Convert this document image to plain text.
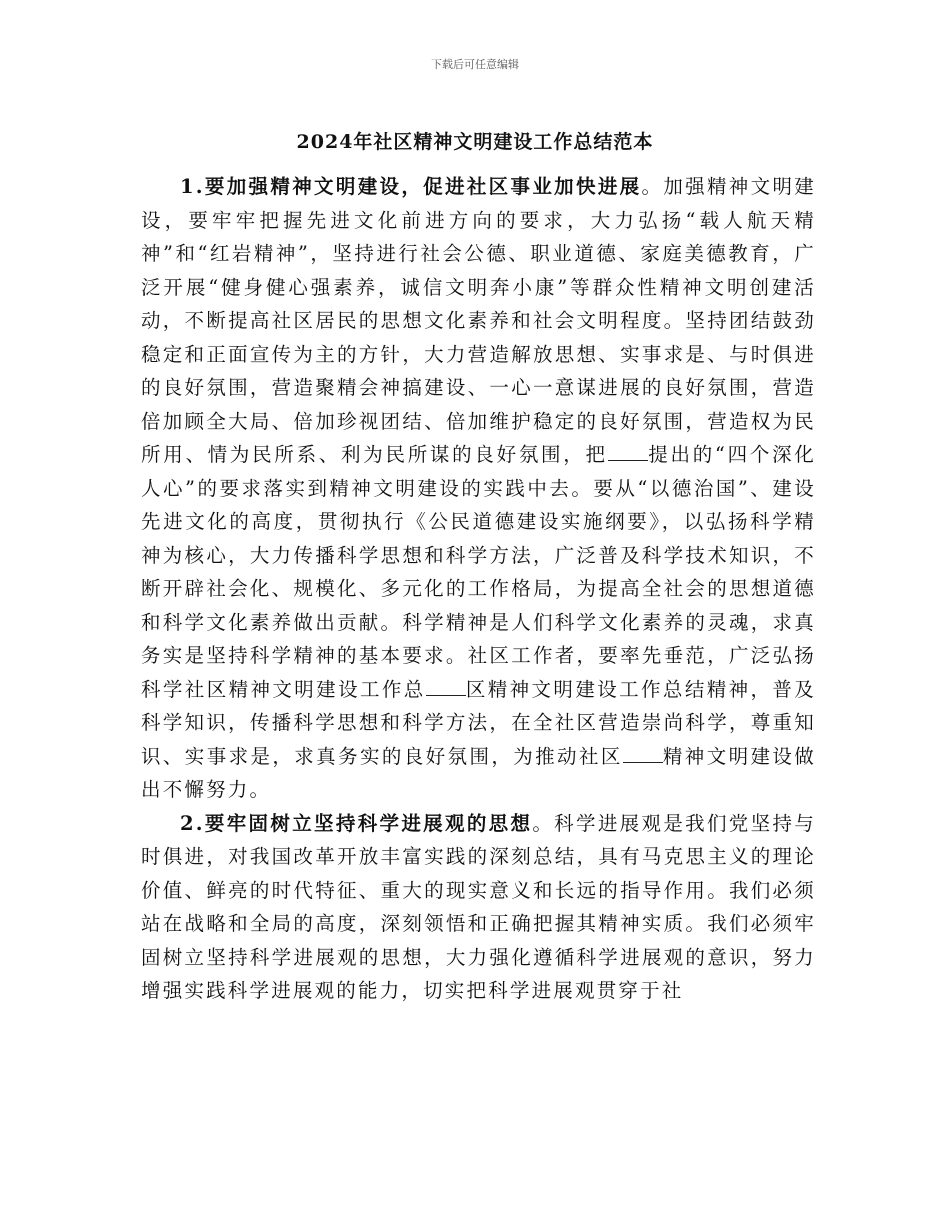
下载后可任意编辑
2024年社区精神文明建设工作总结范本

1.要加强精神文明建设，促进社区事业加快进展。加强精神文明建设，要牢牢把握先进文化前进方向的要求，大力弘扬“载人航天精神”和“红岩精神”，坚持进行社会公德、职业道德、家庭美德教育，广泛开展“健身健心强素养，诚信文明奔小康”等群众性精神文明创建活动，不断提高社区居民的思想文化素养和社会文明程度。坚持团结鼓劲稳定和正面宣传为主的方针，大力营造解放思想、实事求是、与时俱进的良好氛围，营造聚精会神搞建设、一心一意谋进展的良好氛围，营造倍加顾全大局、倍加珍视团结、倍加维护稳定的良好氛围，营造权为民所用、情为民所系、利为民所谋的良好氛围，把 提出的“四个深化人心”的要求落实到精神文明建设的实践中去。要从“以德治国”、建设先进文化的高度，贯彻执行《公民道德建设实施纲要》，以弘扬科学精神为核心，大力传播科学思想和科学方法，广泛普及科学技术知识，不断开辟社会化、规模化、多元化的工作格局，为提高全社会的思想道德和科学文化素养做出贡献。科学精神是人们科学文化素养的灵魂，求真务实是坚持科学精神的基本要求。社区工作者，要率先垂范，广泛弘扬科学社区精神文明建设工作总 区精神文明建设工作总结精神，普及科学知识，传播科学思想和科学方法，在全社区营造崇尚科学，尊重知识、实事求是，求真务实的良好氛围，为推动社区 精神文明建设做出不懈努力。

2.要牢固树立坚持科学进展观的思想。科学进展观是我们党坚持与时俱进，对我国改革开放丰富实践的深刻总结，具有马克思主义的理论价值、鲜亮的时代特征、重大的现实意义和长远的指导作用。我们必须站在战略和全局的高度，深刻领悟和正确把握其精神实质。我们必须牢固树立坚持科学进展观的思想，大力强化遵循科学进展观的意识，努力增强实践科学进展观的能力，切实把科学进展观贯穿于社
